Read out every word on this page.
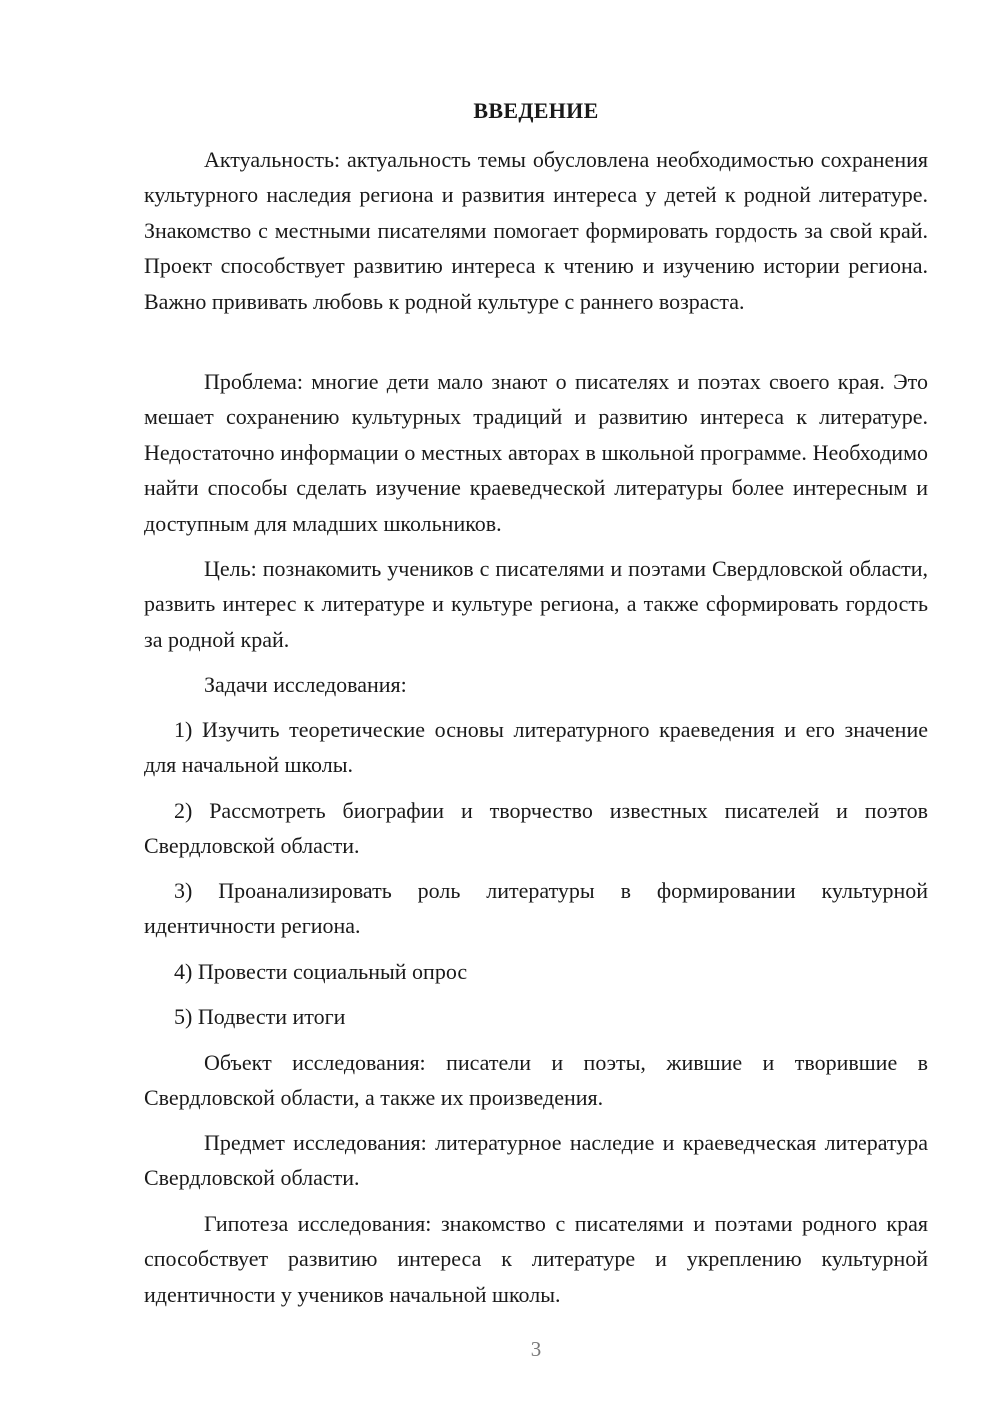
ВВЕДЕНИЕ

Актуальность: актуальность темы обусловлена необходимостью сохранения культурного наследия региона и развития интереса у детей к родной литературе. Знакомство с местными писателями помогает формировать гордость за свой край. Проект способствует развитию интереса к чтению и изучению истории региона. Важно прививать любовь к родной культуре с раннего возраста.

Проблема: многие дети мало знают о писателях и поэтах своего края. Это мешает сохранению культурных традиций и развитию интереса к литературе. Недостаточно информации о местных авторах в школьной программе. Необходимо найти способы сделать изучение краеведческой литературы более интересным и доступным для младших школьников.

Цель: познакомить учеников с писателями и поэтами Свердловской области, развить интерес к литературе и культуре региона, а также сформировать гордость за родной край.

Задачи исследования:

1) Изучить теоретические основы литературного краеведения и его значение для начальной школы.

2) Рассмотреть биографии и творчество известных писателей и поэтов Свердловской области.

3) Проанализировать роль литературы в формировании культурной идентичности региона.

4) Провести социальный опрос

5) Подвести итоги

Объект исследования: писатели и поэты, жившие и творившие в Свердловской области, а также их произведения.

Предмет исследования: литературное наследие и краеведческая литература Свердловской области.

Гипотеза исследования: знакомство с писателями и поэтами родного края способствует развитию интереса к литературе и укреплению культурной идентичности у учеников начальной школы.

3
